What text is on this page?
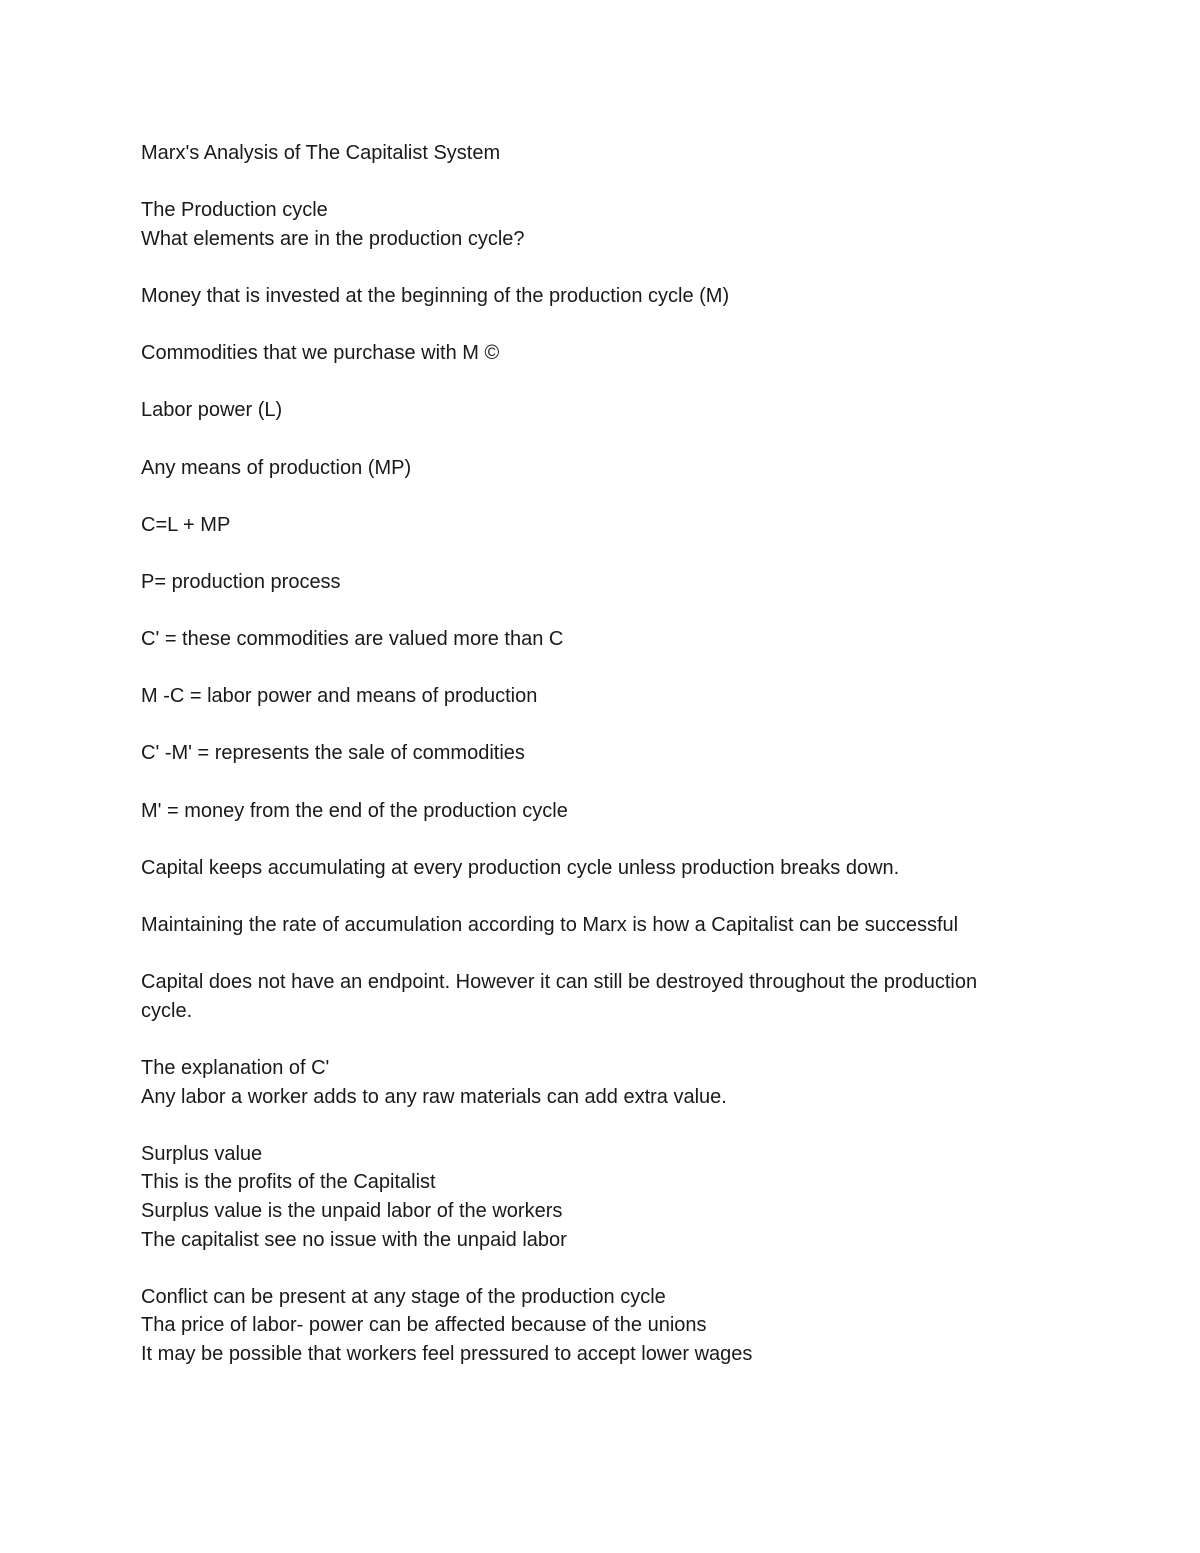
Marx's Analysis of The Capitalist System
The Production cycle
What elements are in the production cycle?
Money that is invested at the beginning of the production cycle (M)
Commodities that we purchase with M ©
Labor power (L)
Any means of production (MP)
C=L + MP
P= production process
C' = these commodities are valued more than C
M -C = labor power and means of production
C' -M' = represents the sale of commodities
M' = money from the end of the production cycle
Capital keeps accumulating at every production cycle unless production breaks down.
Maintaining the rate of accumulation according to Marx is how a Capitalist can be successful
Capital does not have an endpoint. However it can still be destroyed throughout the production
cycle.
The explanation of C'
Any labor a worker adds to any raw materials can add extra value.
Surplus value
This is the profits of the Capitalist
Surplus value is the unpaid labor of the workers
The capitalist see no issue with the unpaid labor
Conflict can be present at any stage of the production cycle
Tha price of labor- power can be affected because of the unions
It may be possible that workers feel pressured to accept lower wages
